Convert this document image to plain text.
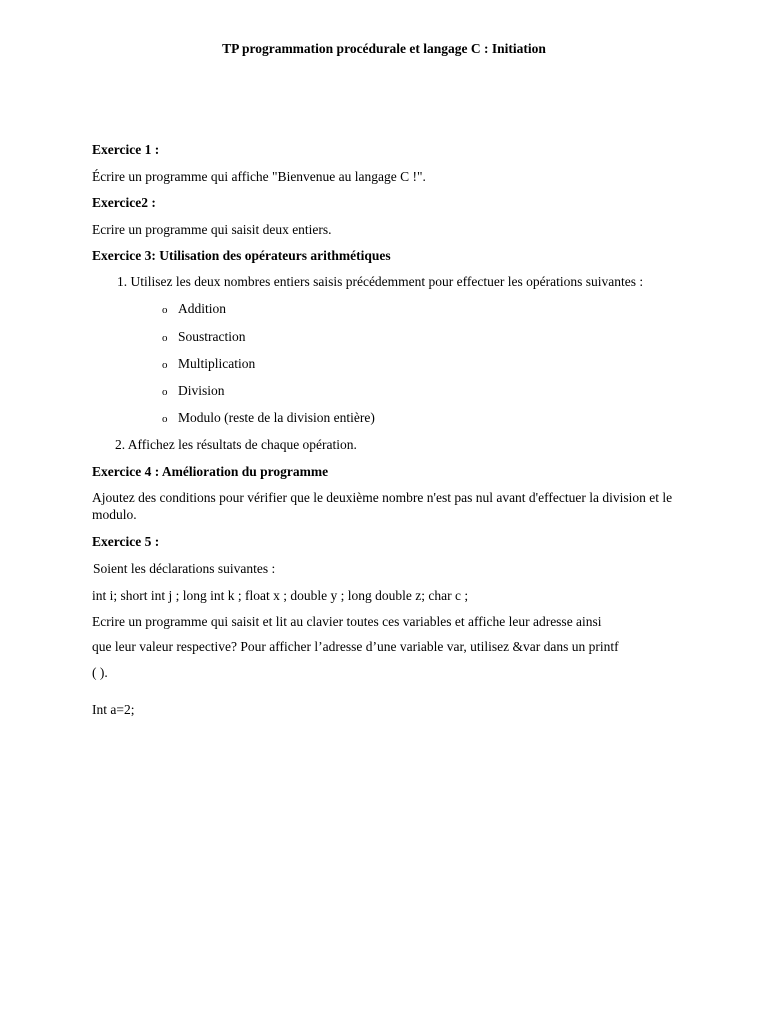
TP programmation procédurale et langage C : Initiation
Exercice 1 :
Écrire un programme qui affiche "Bienvenue au langage C !".
Exercice2 :
Ecrire un programme qui saisit deux entiers.
Exercice 3: Utilisation des opérateurs arithmétiques
1. Utilisez les deux nombres entiers saisis précédemment pour effectuer les opérations suivantes :
o Addition
o Soustraction
o Multiplication
o Division
o Modulo (reste de la division entière)
2. Affichez les résultats de chaque opération.
Exercice 4 : Amélioration du programme
Ajoutez des conditions pour vérifier que le deuxième nombre n'est pas nul avant d'effectuer la division et le modulo.
Exercice 5 :
Soient les déclarations suivantes :
int i; short int j ; long int k ; float x ; double y ; long double z; char c ;
Ecrire un programme qui saisit et lit au clavier toutes ces variables et affiche leur adresse ainsi
que leur valeur respective? Pour afficher l’adresse d’une variable var, utilisez &var dans un printf
( ).
Int a=2;
